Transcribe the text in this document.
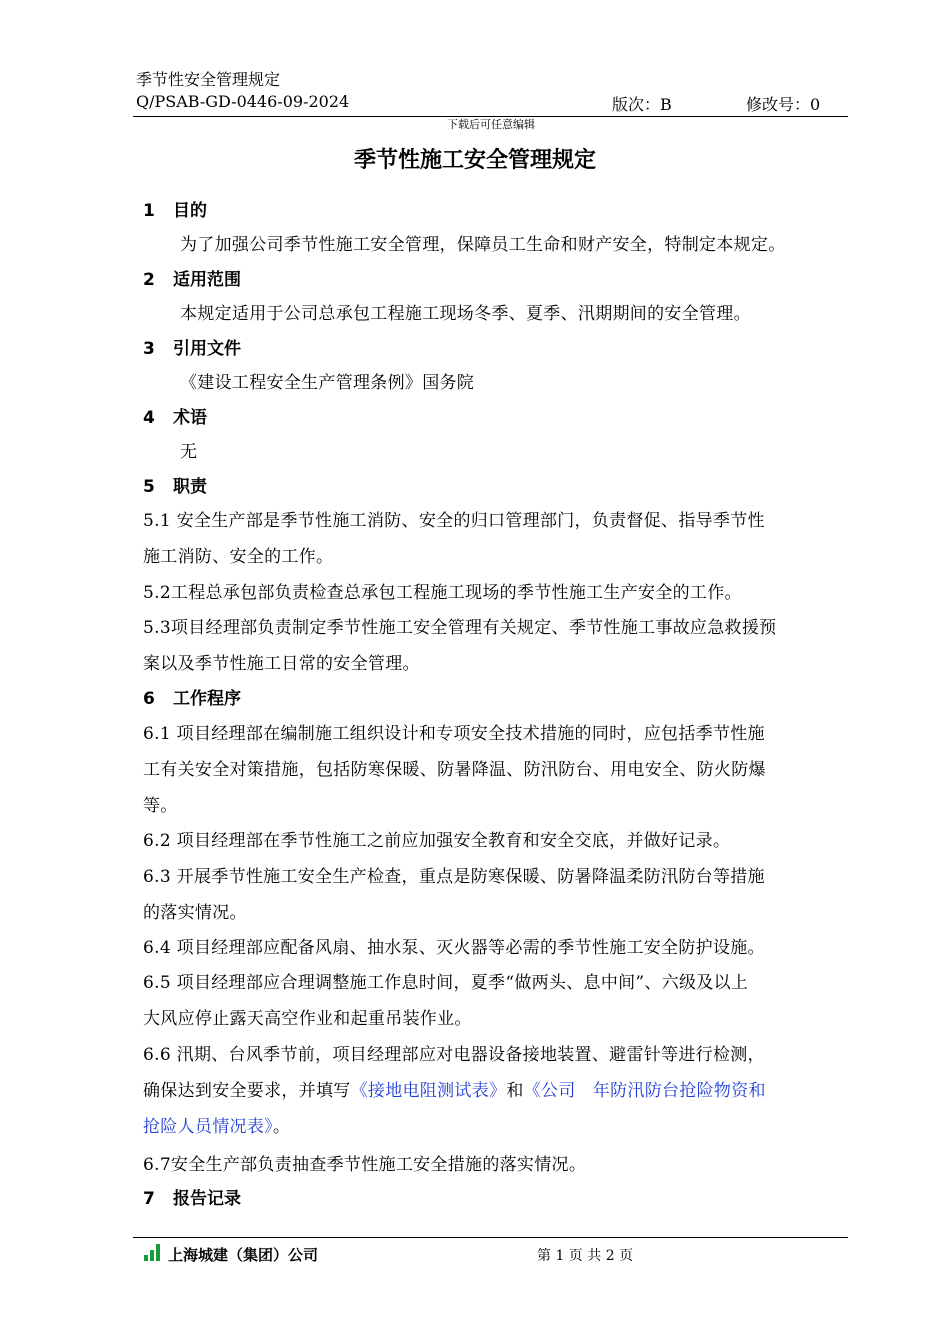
季节性安全管理规定
Q/PSAB-GD-0446-09-2024	版次：B	修改号：0
下载后可任意编辑
季节性施工安全管理规定
1 目的
为了加强公司季节性施工安全管理，保障员工生命和财产安全，特制定本规定。
2 适用范围
本规定适用于公司总承包工程施工现场冬季、夏季、汛期期间的安全管理。
3 引用文件
《建设工程安全生产管理条例》国务院
4 术语
无
5 职责
5.1 安全生产部是季节性施工消防、安全的归口管理部门，负责督促、指导季节性
施工消防、安全的工作。
5.2工程总承包部负责检查总承包工程施工现场的季节性施工生产安全的工作。
5.3项目经理部负责制定季节性施工安全管理有关规定、季节性施工事故应急救援预
案以及季节性施工日常的安全管理。
6 工作程序
6.1 项目经理部在编制施工组织设计和专项安全技术措施的同时，应包括季节性施
工有关安全对策措施，包括防寒保暖、防暑降温、防汛防台、用电安全、防火防爆
等。
6.2 项目经理部在季节性施工之前应加强安全教育和安全交底，并做好记录。
6.3 开展季节性施工安全生产检查，重点是防寒保暖、防暑降温柔防汛防台等措施
的落实情况。
6.4 项目经理部应配备风扇、抽水泵、灭火器等必需的季节性施工安全防护设施。
6.5 项目经理部应合理调整施工作息时间，夏季“做两头、息中间”、六级及以上
大风应停止露天高空作业和起重吊装作业。
6.6 汛期、台风季节前，项目经理部应对电器设备接地装置、避雷针等进行检测，
确保达到安全要求，并填写《接地电阻测试表》和《公司　年防汛防台抢险物资和
抢险人员情况表》。
6.7安全生产部负责抽查季节性施工安全措施的落实情况。
7 报告记录
上海城建（集团）公司	第 1 页 共 2 页
